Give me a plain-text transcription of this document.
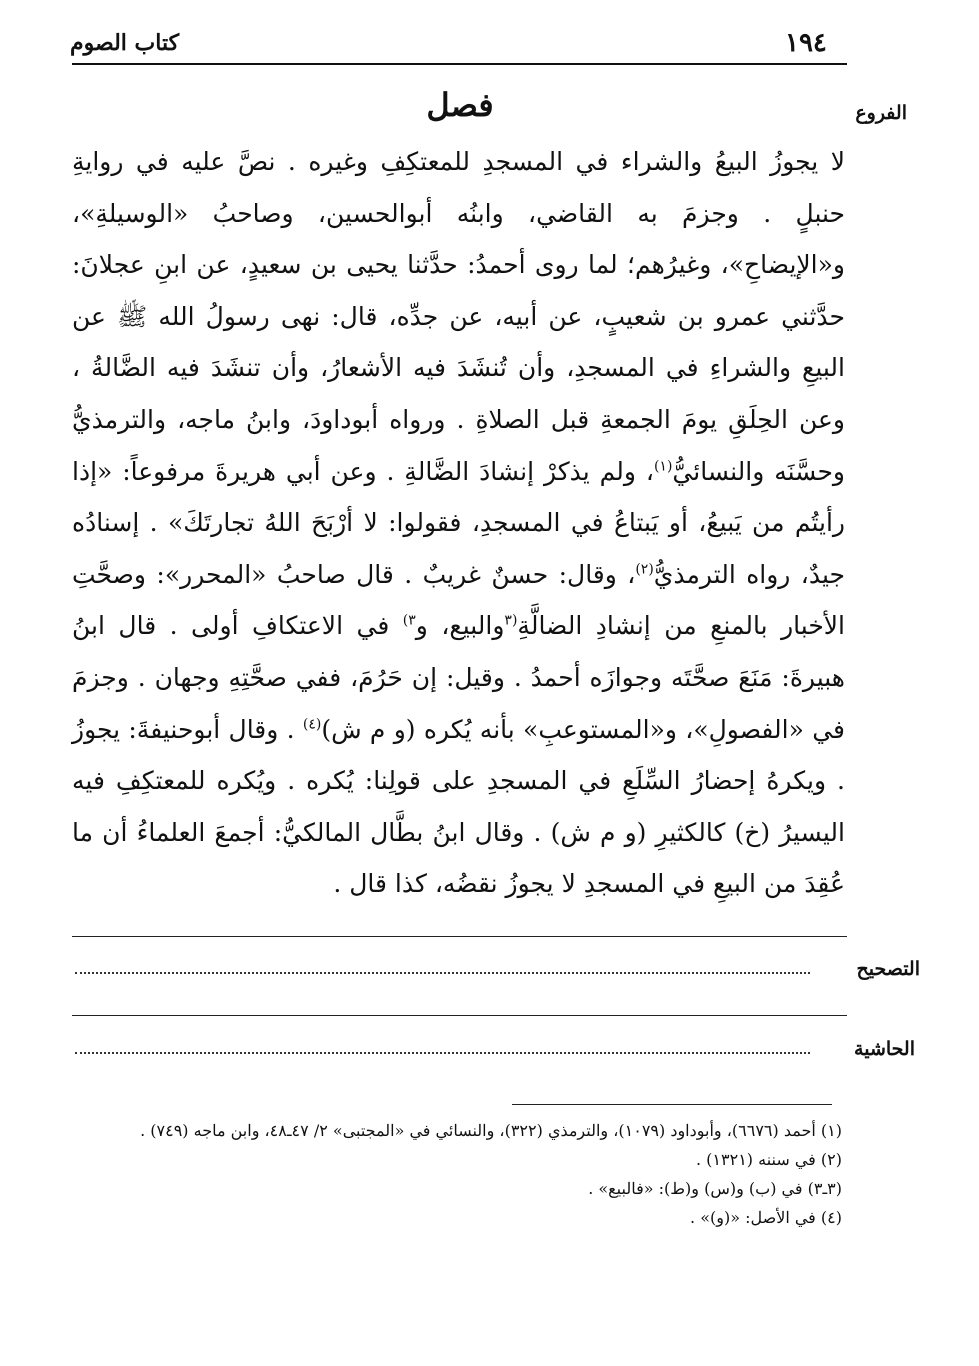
١٩٤
كتاب الصوم
الفروع
فصل
لا يجوزُ البيعُ والشراء في المسجدِ للمعتكِفِ وغيره . نصَّ عليه في روايةِ حنبلٍ . وجزمَ به القاضي، وابنُه أبوالحسين، وصاحبُ «الوسيلةِ»، و«الإيضاحِ»، وغيرُهم؛ لما روى أحمدُ: حدَّثنا يحيى بن سعيدٍ، عن ابنِ عجلانَ: حدَّثني عمرو بن شعيبٍ، عن أبيه، عن جدِّه، قال: نهى رسولُ الله ﷺ عن البيعِ والشراءِ في المسجدِ، وأن تُنشَدَ فيه الأشعارُ، وأن تنشَدَ فيه الضَّالةُ ، وعن الحِلَقِ يومَ الجمعةِ قبل الصلاةِ . ورواه أبوداودَ، وابنُ ماجه، والترمذيُّ وحسَّنَه والنسائيُّ$^{(١)}$، ولم يذكرْ إنشادَ الضَّالةِ . وعن أبي هريرةَ مرفوعاً: «إذا رأيتُم من يَبيعُ، أو يَبتاعُ في المسجدِ، فقولوا: لا أرْبَحَ اللهُ تجارتَكَ» . إسنادُه جيدٌ، رواه الترمذيُّ$^{(٢)}$، وقال: حسنٌ غريبٌ . قال صاحبُ «المحرر»: وصحَّتِ الأخبار بالمنعِ من إنشادِ الضالَّةِ$^{(٣}$والبيع، و$^{٣)}$ في الاعتكافِ أولى . قال ابنُ هبيرةَ: مَنَعَ صحَّتَه وجوازَه أحمدُ . وقيل: إن حَرُمَ، ففي صحَّتِهِ وجهان . وجزمَ في «الفصولِ»، و«المستوعبِ» بأنه يُكره (و م ش)$^{(٤)}$ . وقال أبوحنيفةَ: يجوزُ . ويكرهُ إحضارُ السِّلَعِ في المسجدِ على قولِنا: يُكره . ويُكره للمعتكِفِ فيه اليسيرُ (خ) كالكثيرِ (و م ش) . وقال ابنُ بطَّال المالكيُّ: أجمعَ العلماءُ أن ما عُقِدَ من البيعِ في المسجدِ لا يجوزُ نقضُه، كذا قال .
التصحيح
الحاشية
(١) أحمد (٦٦٧٦)، وأبوداود (١٠٧٩)، والترمذي (٣٢٢)، والنسائي في «المجتبى» ٢/ ٤٧ـ٤٨، وابن ماجه (٧٤٩) .
(٢) في سننه (١٣٢١) .
(٣ـ٣) في (ب) و(س) و(ط): «فالبيع» .
(٤) في الأصل: «(و)» .
